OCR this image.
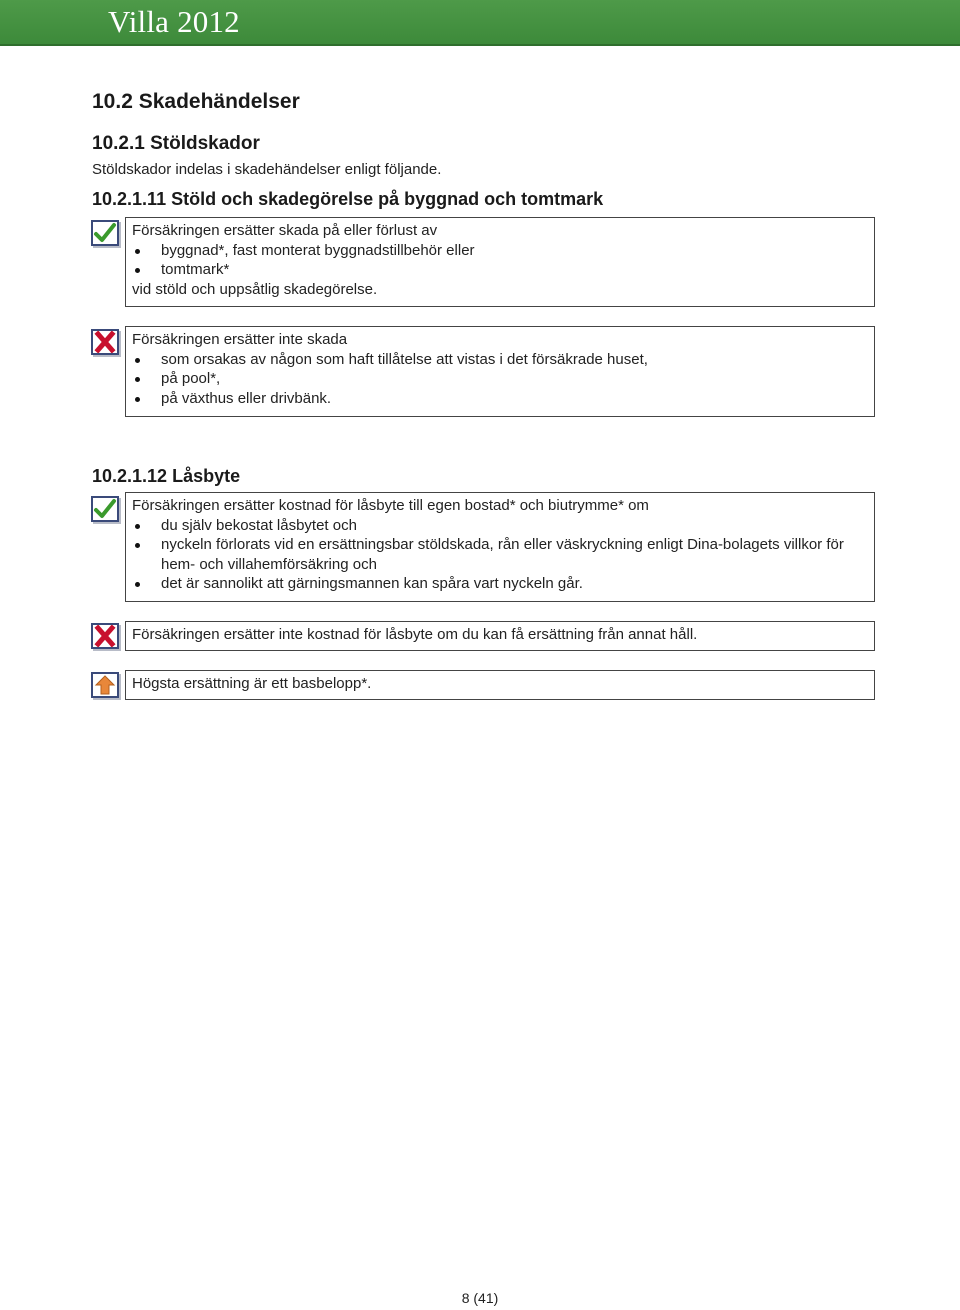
Villa 2012
10.2 Skadehändelser
10.2.1 Stöldskador
Stöldskador indelas i skadehändelser enligt följande.
10.2.1.11 Stöld och skadegörelse på byggnad och tomtmark
Försäkringen ersätter skada på eller förlust av
byggnad*, fast monterat byggnadstillbehör eller
tomtmark*
vid stöld och uppsåtlig skadegörelse.
Försäkringen ersätter inte skada
som orsakas av någon som haft tillåtelse att vistas i det försäkrade huset,
på pool*,
på växthus eller drivbänk.
10.2.1.12 Låsbyte
Försäkringen ersätter kostnad för låsbyte till egen bostad* och biutrymme* om
du själv bekostat låsbytet och
nyckeln förlorats vid en ersättningsbar stöldskada, rån eller väskryckning enligt Dina-bolagets villkor för hem- och villahemförsäkring och
det är sannolikt att gärningsmannen kan spåra vart nyckeln går.
Försäkringen ersätter inte kostnad för låsbyte om du kan få ersättning från annat håll.
Högsta ersättning är ett basbelopp*.
8 (41)
